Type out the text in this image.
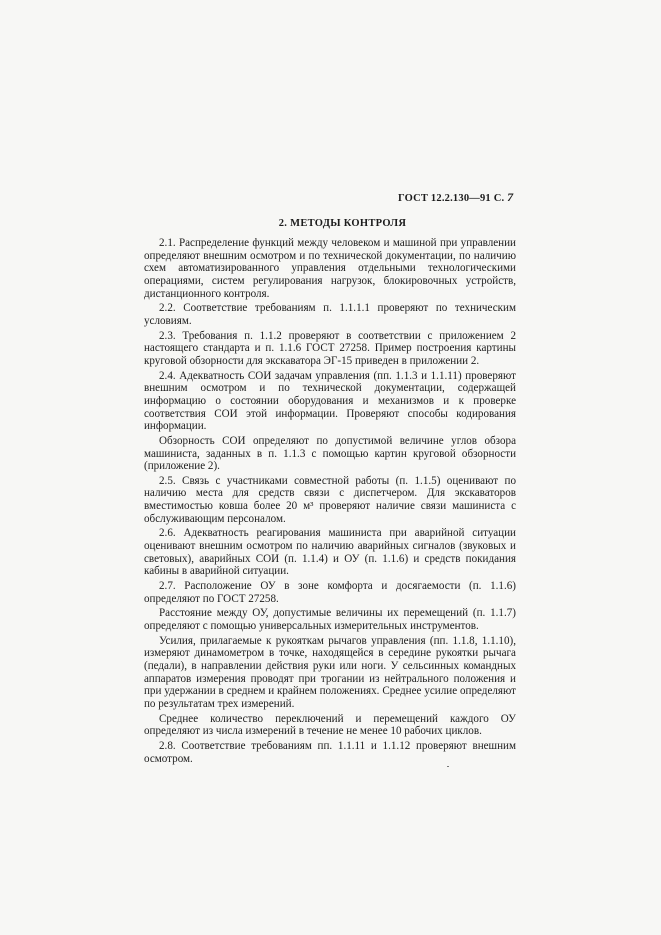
ГОСТ 12.2.130—91 С. 7
2. МЕТОДЫ КОНТРОЛЯ

2.1. Распределение функций между человеком и машиной при управлении определяют внешним осмотром и по технической документации, по наличию схем автоматизированного управления отдельными технологическими операциями, систем регулирования нагрузок, блокировочных устройств, дистанционного контроля.

2.2. Соответствие требованиям п. 1.1.1.1 проверяют по техническим условиям.

2.3. Требования п. 1.1.2 проверяют в соответствии с приложением 2 настоящего стандарта и п. 1.1.6 ГОСТ 27258. Пример построения картины круговой обзорности для экскаватора ЭГ-15 приведен в приложении 2.

2.4. Адекватность СОИ задачам управления (пп. 1.1.3 и 1.1.11) проверяют внешним осмотром и по технической документации, содержащей информацию о состоянии оборудования и механизмов и к проверке соответствия СОИ этой информации. Проверяют способы кодирования информации.

Обзорность СОИ определяют по допустимой величине углов обзора машиниста, заданных в п. 1.1.3 с помощью картин круговой обзорности (приложение 2).

2.5. Связь с участниками совместной работы (п. 1.1.5) оценивают по наличию места для средств связи с диспетчером. Для экскаваторов вместимостью ковша более 20 м³ проверяют наличие связи машиниста с обслуживающим персоналом.

2.6. Адекватность реагирования машиниста при аварийной ситуации оценивают внешним осмотром по наличию аварийных сигналов (звуковых и световых), аварийных СОИ (п. 1.1.4) и ОУ (п. 1.1.6) и средств покидания кабины в аварийной ситуации.

2.7. Расположение ОУ в зоне комфорта и досягаемости (п. 1.1.6) определяют по ГОСТ 27258.

Расстояние между ОУ, допустимые величины их перемещений (п. 1.1.7) определяют с помощью универсальных измерительных инструментов.

Усилия, прилагаемые к рукояткам рычагов управления (пп. 1.1.8, 1.1.10), измеряют динамометром в точке, находящейся в середине рукоятки рычага (педали), в направлении действия руки или ноги. У сельсинных командных аппаратов измерения проводят при трогании из нейтрального положения и при удержании в среднем и крайнем положениях. Среднее усилие определяют по результатам трех измерений.

Среднее количество переключений и перемещений каждого ОУ определяют из числа измерений в течение не менее 10 рабочих циклов.

2.8. Соответствие требованиям пп. 1.1.11 и 1.1.12 проверяют внешним осмотром.
